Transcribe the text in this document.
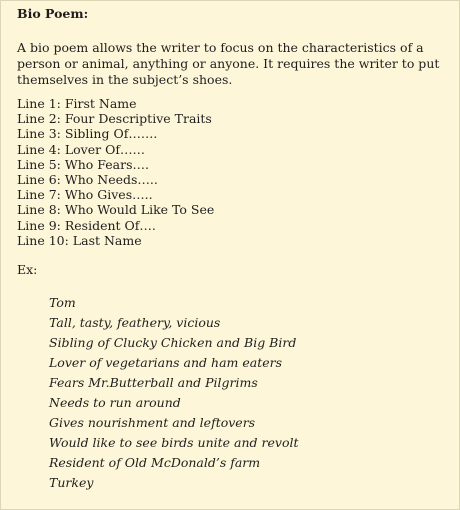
Bio Poem:

A bio poem allows the writer to focus on the characteristics of a person or animal, anything or anyone. It requires the writer to put themselves in the subject’s shoes.

Line 1: First Name
Line 2: Four Descriptive Traits
Line 3: Sibling Of…….
Line 4: Lover Of……
Line 5: Who Fears….
Line 6: Who Needs…..
Line 7: Who Gives…..
Line 8: Who Would Like To See
Line 9: Resident Of….
Line 10: Last Name

Ex:

Tom
Tall, tasty, feathery, vicious
Sibling of Clucky Chicken and Big Bird
Lover of vegetarians and ham eaters
Fears Mr.Butterball and Pilgrims
Needs to run around
Gives nourishment and leftovers
Would like to see birds unite and revolt
Resident of Old McDonald’s farm
Turkey
